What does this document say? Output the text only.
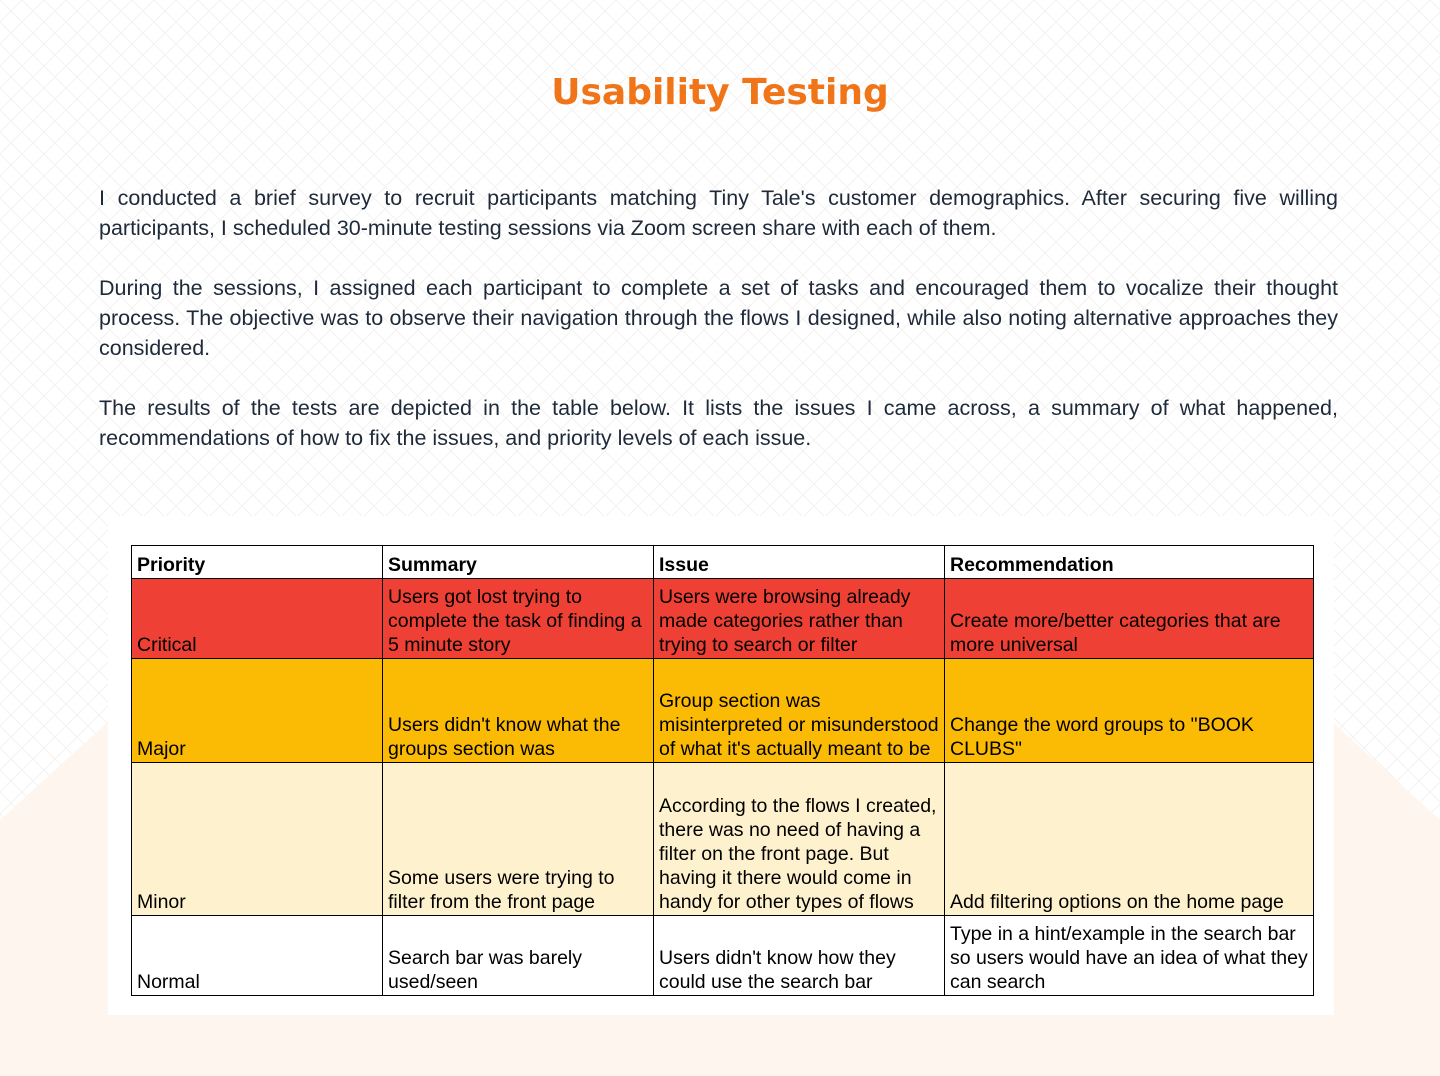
Usability Testing

I conducted a brief survey to recruit participants matching Tiny Tale's customer demographics. After securing five willing participants, I scheduled 30-minute testing sessions via Zoom screen share with each of them.

During the sessions, I assigned each participant to complete a set of tasks and encouraged them to vocalize their thought process. The objective was to observe their navigation through the flows I designed, while also noting alternative approaches they considered.

The results of the tests are depicted in the table below. It lists the issues I came across, a summary of what happened, recommendations of how to fix the issues, and priority levels of each issue.

Priority	Summary	Issue	Recommendation
Critical	Users got lost trying to complete the task of finding a 5 minute story	Users were browsing already made categories rather than trying to search or filter	Create more/better categories that are more universal
Major	Users didn't know what the groups section was	Group section was misinterpreted or misunderstood of what it's actually meant to be	Change the word groups to "BOOK CLUBS"
Minor	Some users were trying to filter from the front page	According to the flows I created, there was no need of having a filter on the front page. But having it there would come in handy for other types of flows	Add filtering options on the home page
Normal	Search bar was barely used/seen	Users didn't know how they could use the search bar	Type in a hint/example in the search bar so users would have an idea of what they can search
